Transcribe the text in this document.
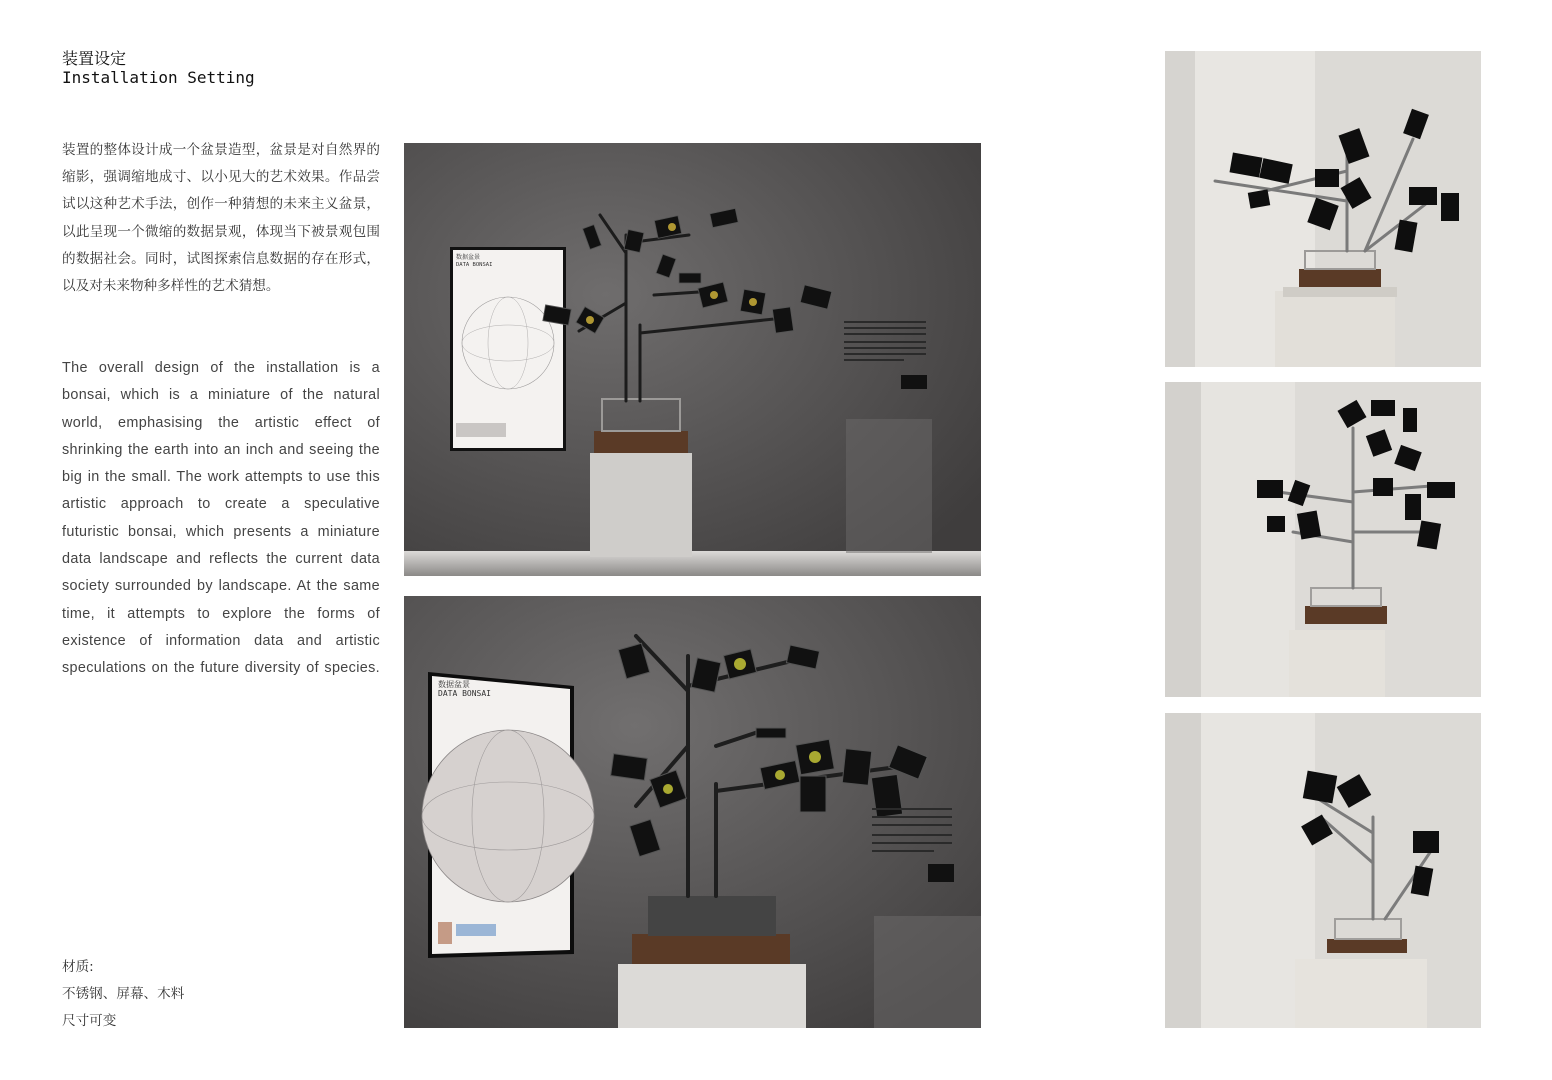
装置设定
Installation Setting
装置的整体设计成一个盆景造型，盆景是对自然界的缩影，强调缩地成寸、以小见大的艺术效果。作品尝试以这种艺术手法，创作一种猜想的未来主义盆景，以此呈现一个微缩的数据景观，体现当下被景观包围的数据社会。同时，试图探索信息数据的存在形式，以及对未来物种多样性的艺术猜想。
The overall design of the installation is a bonsai, which is a miniature of the natural world, emphasising the artistic effect of shrinking the earth into an inch and seeing the big in the small. The work attempts to use this artistic approach to create a speculative futuristic bonsai, which presents a miniature data landscape and reflects the current data society surrounded by landscape. At the same time, it attempts to explore the forms of existence of information data and artistic speculations on the future diversity of species.
材质:
不锈钢、屏幕、木料
尺寸可变
数据盆景
DATA BONSAI
数据盆景
DATA BONSAI
